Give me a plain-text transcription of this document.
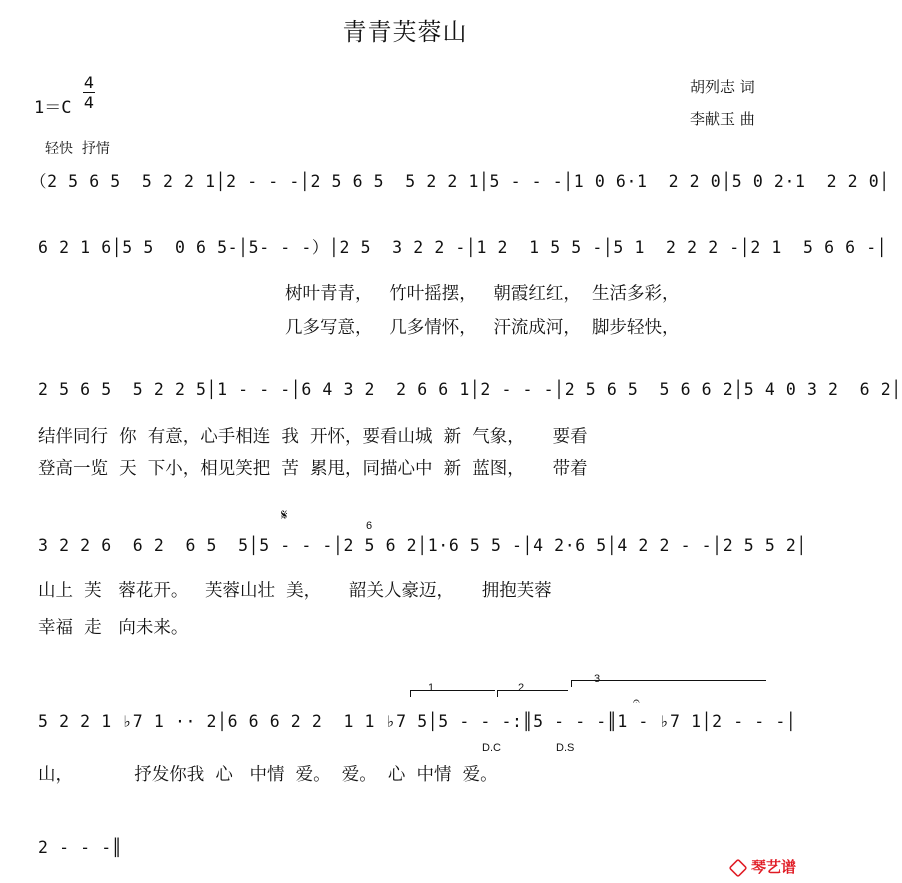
青青芙蓉山
1＝C
4
4
胡列志 词
李献玉 曲
轻快  抒情
（2 5 6 5  5 2 2 1│2 - - -│2 5 6 5  5 2 2 1│5 - - -│1 0 6·1  2 2 0│5 0 2·1  2 2 0│
6 2 1 6│5 5  0 6 5-│5- - -）│2 5  3 2 2 -│1 2  1 5 5 -│5 1  2 2 2 -│2 1  5 6 6 -│
树叶青青，   竹叶摇摆，   朝霞红红，  生活多彩，
几多写意，   几多情怀，   汗流成河，  脚步轻快，
2 5 6 5  5 2 2 5│1 - - -│6 4 3 2  2 6 6 1│2 - - -│2 5 6 5  5 6 6 2│5 4 0 3 2  6 2│
结伴同行  你  有意，心手相连  我  开怀，要看山城  新  气象，     要看
登高一览  天  下小，相见笑把  苦  累甩，同描心中  新  蓝图，     带着
𝄋
6
3 2 2 6  6 2  6 5  5│5 - - -│2 5 6 2│1·6 5 5 -│4 2·6 5│4 2 2 - -│2 5 5 2│
山上  芙   蓉花开。   芙蓉山壮  美，     韶关人豪迈，     拥抱芙蓉
幸福  走   向未来。
1	2
3
𝄐
5 2 2 1 ♭7 1 ·· 2│6 6 6 2 2  1 1 ♭7 5│5 - - -:║5 - - -║1 - ♭7 1│2 - - -│
D.C	D.S
山，           抒发你我  心   中情  爱。  爱。  心  中情  爱。
2 - - -║
琴艺谱
